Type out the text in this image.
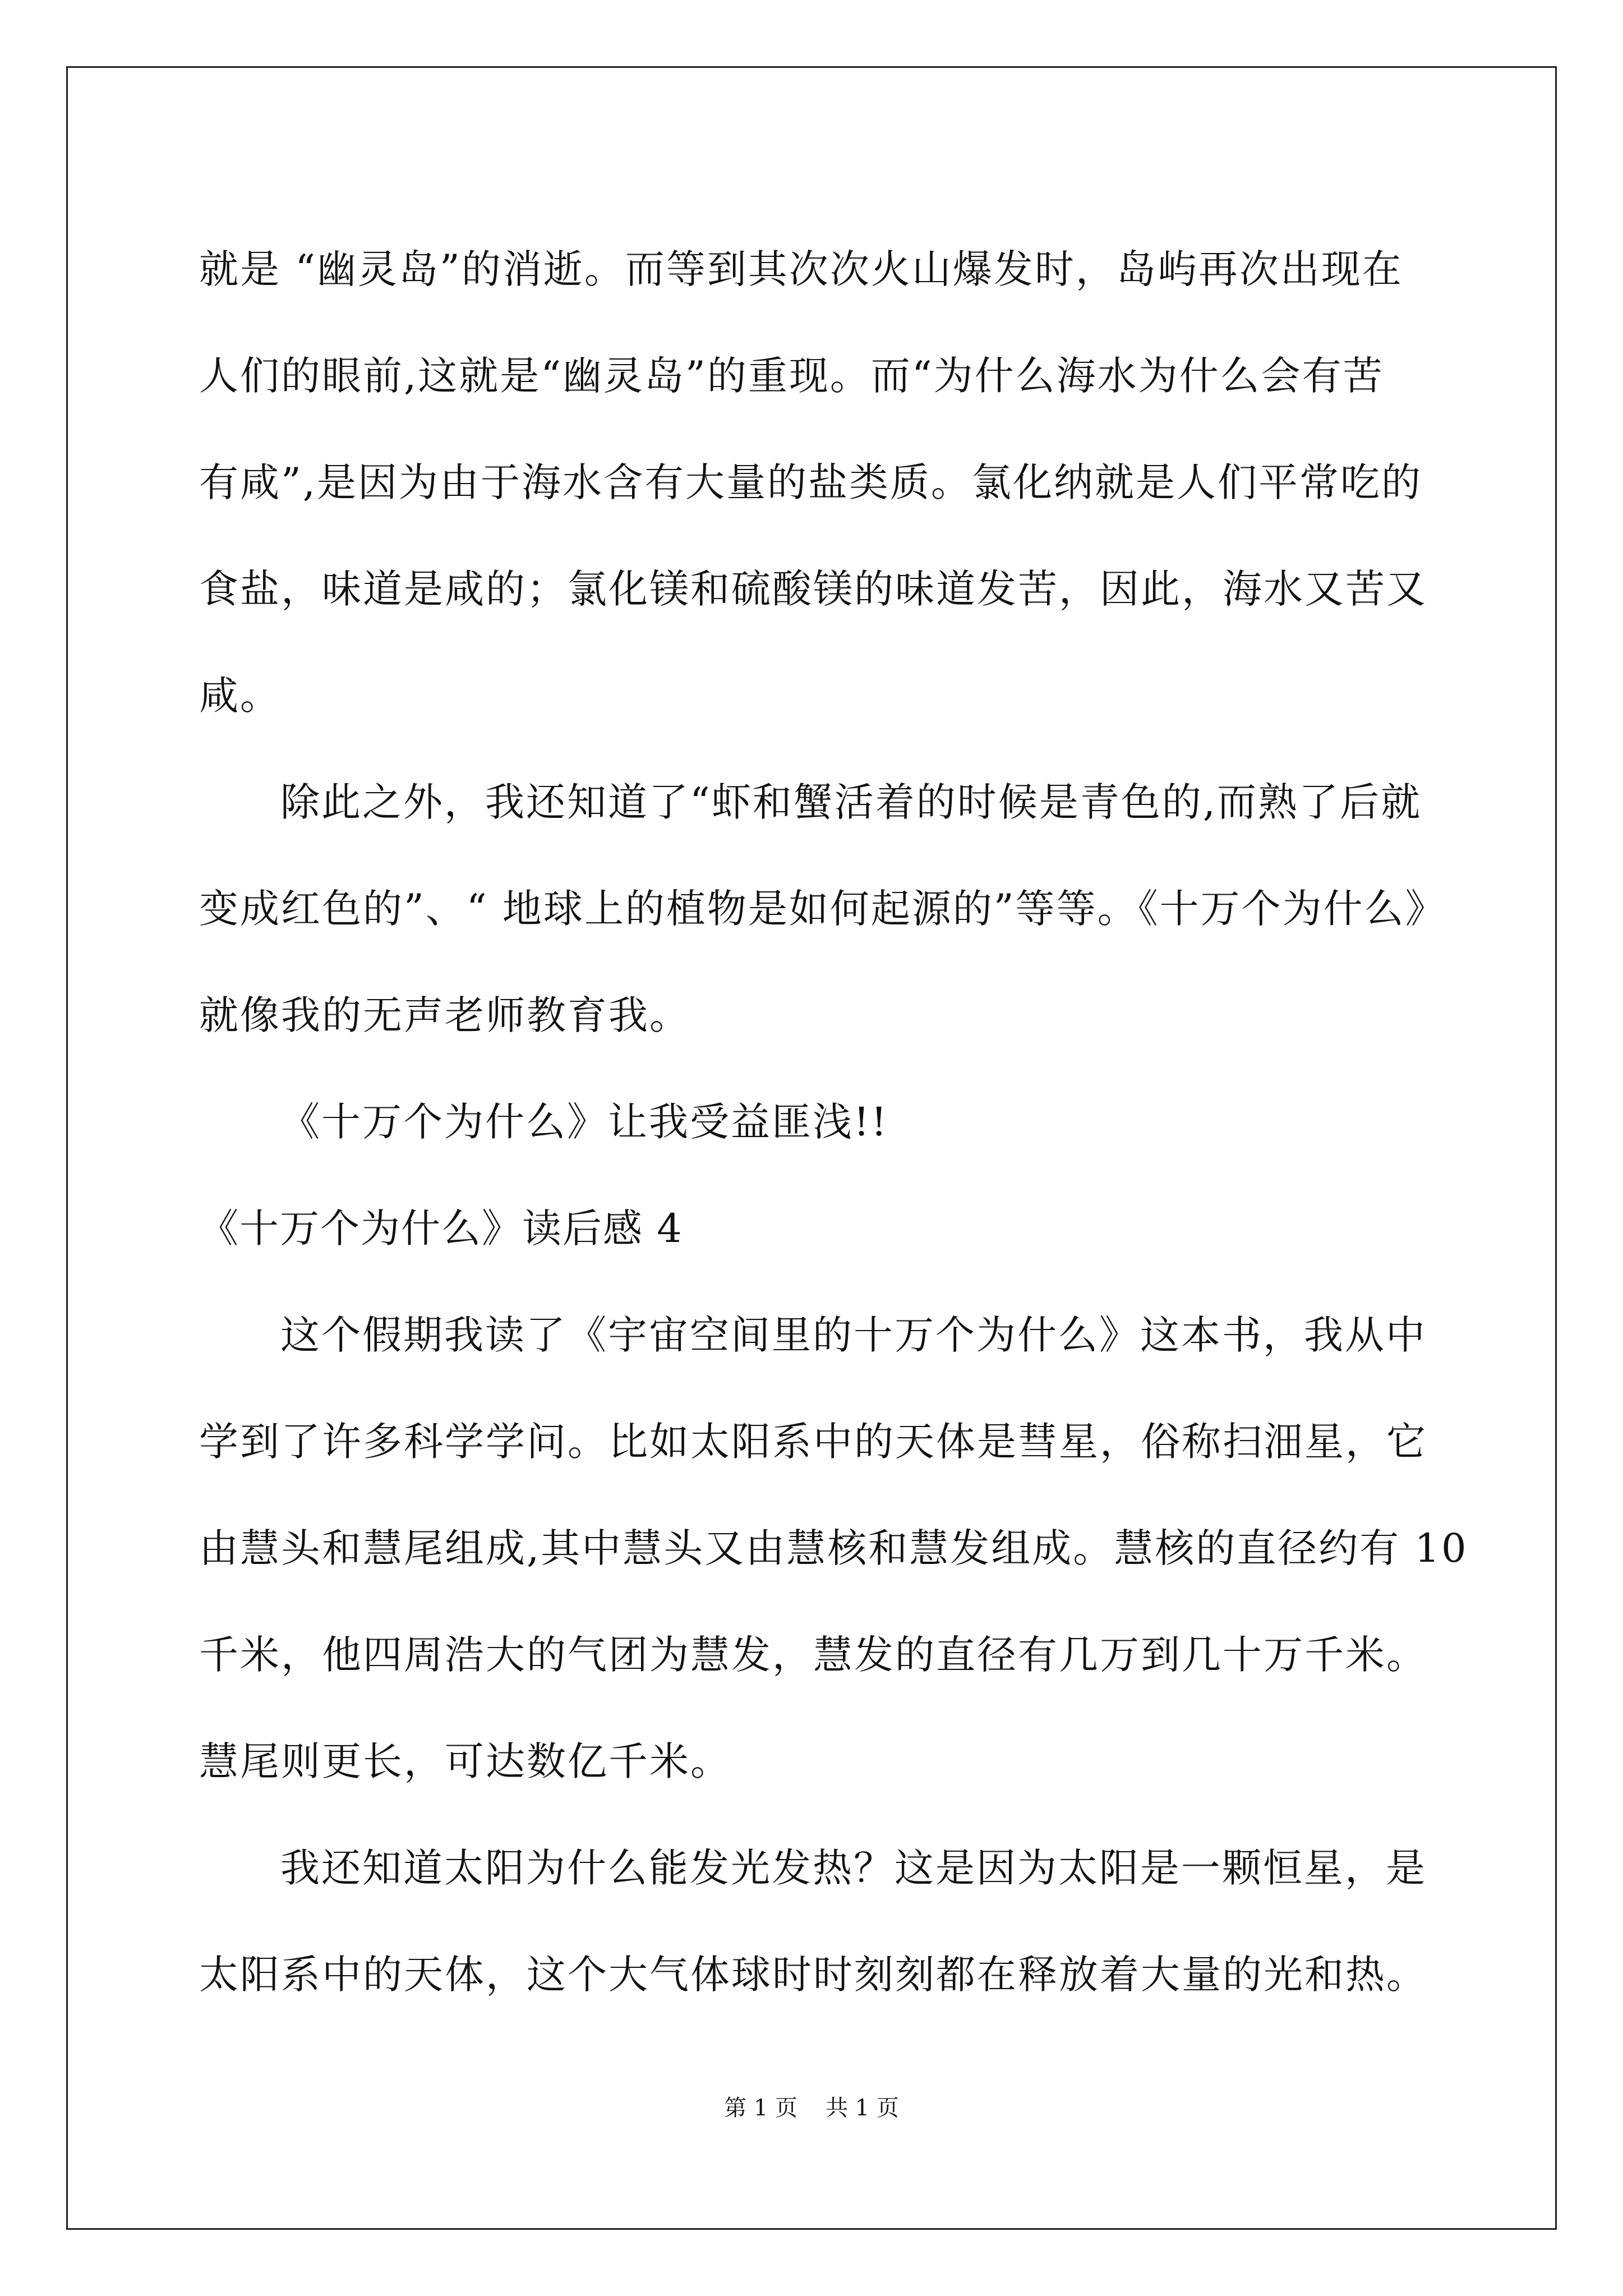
就是 “幽灵岛”的消逝。而等到其次次火山爆发时，岛屿再次出现在
人们的眼前,这就是“幽灵岛”的重现。而“为什么海水为什么会有苦
有咸”,是因为由于海水含有大量的盐类质。氯化纳就是人们平常吃的
食盐，味道是咸的；氯化镁和硫酸镁的味道发苦，因此，海水又苦又
咸。
除此之外，我还知道了“虾和蟹活着的时候是青色的,而熟了后就
变成红色的”、“ 地球上的植物是如何起源的”等等。《十万个为什么》
就像我的无声老师教育我。
《十万个为什么》让我受益匪浅!!
《十万个为什么》读后感 4
这个假期我读了《宇宙空间里的十万个为什么》这本书，我从中
学到了许多科学学问。比如太阳系中的天体是彗星，俗称扫沺星，它
由慧头和慧尾组成,其中慧头又由慧核和慧发组成。慧核的直径约有 10
千米，他四周浩大的气团为慧发，慧发的直径有几万到几十万千米。
慧尾则更长，可达数亿千米。
我还知道太阳为什么能发光发热？这是因为太阳是一颗恒星，是
太阳系中的天体，这个大气体球时时刻刻都在释放着大量的光和热。
第 1 页 共 1 页
